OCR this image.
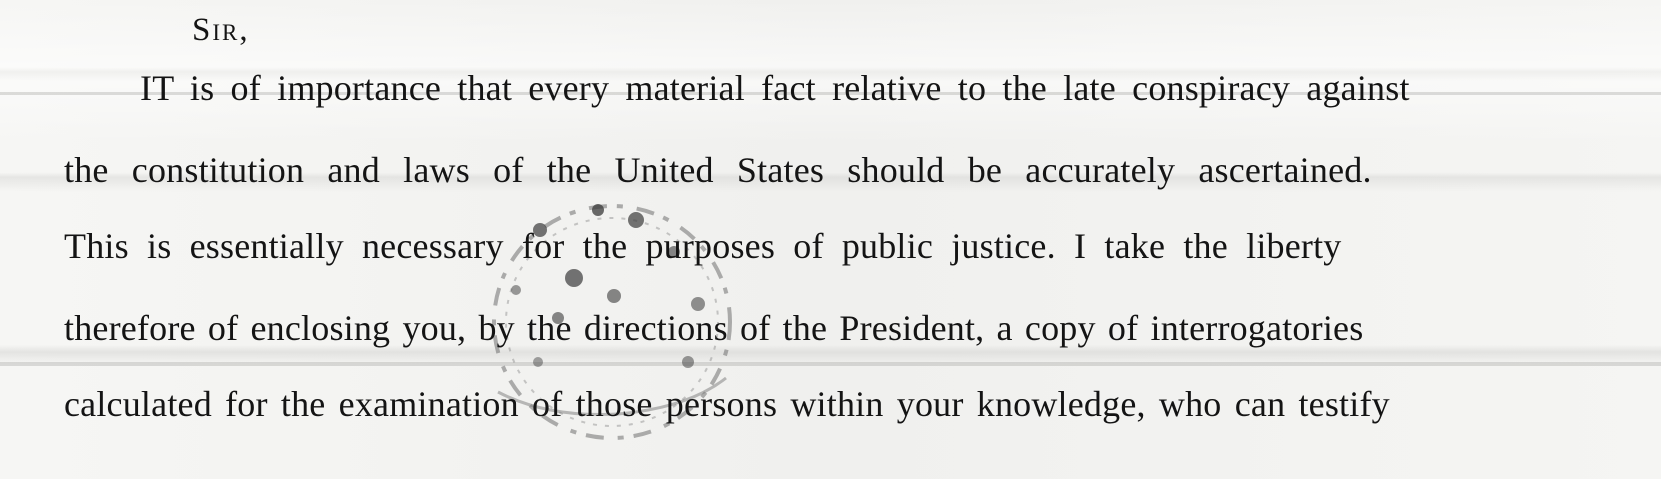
Sir,

IT is of importance that every material fact relative to the late conspiracy against

the constitution and laws of the United States should be accurately ascertained.

This is essentially necessary for the purposes of public justice. I take the liberty

therefore of enclosing you, by the directions of the President, a copy of interrogatories

calculated for the examination of those persons within your knowledge, who can testify
